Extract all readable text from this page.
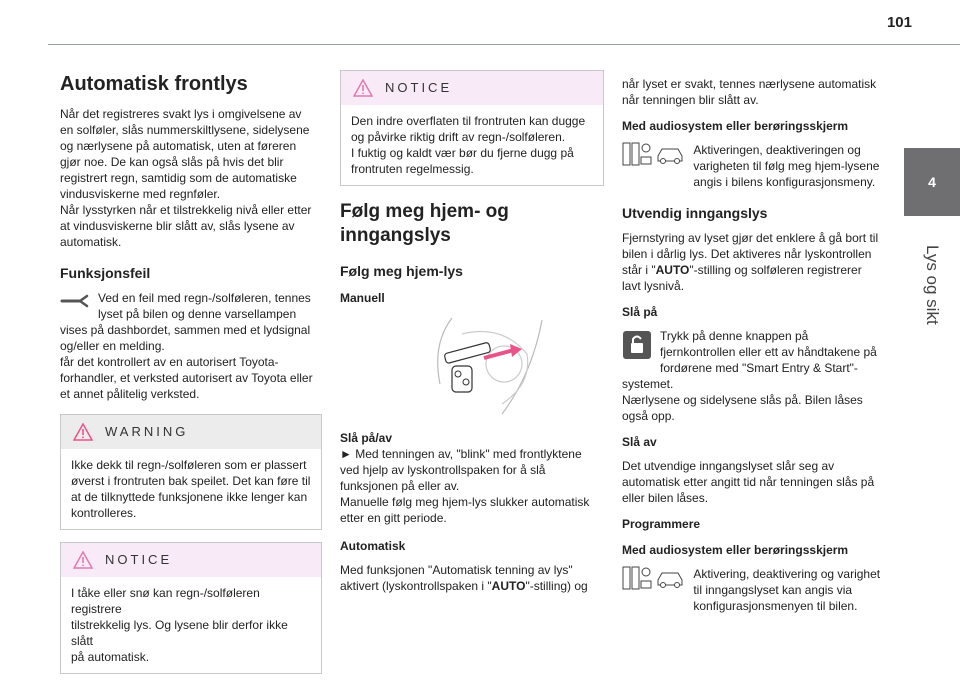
101
4
Lys og sikt
Automatisk frontlys

Når det registreres svakt lys i omgivelsene av
en solføler, slås nummerskiltlysene, sidelysene
og nærlysene på automatisk, uten at føreren
gjør noe. De kan også slås på hvis det blir
registrert regn, samtidig som de automatiske
vindusviskerne med regnføler.
Når lysstyrken når et tilstrekkelig nivå eller etter
at vindusviskerne blir slått av, slås lysene av
automatisk.

Funksjonsfeil

Ved en feil med regn-/solføleren, tennes
lyset på bilen og denne varsellampen
vises på dashbordet, sammen med et lydsignal
og/eller en melding.
får det kontrollert av en autorisert Toyota-
forhandler, et verksted autorisert av Toyota eller
et annet pålitelig verksted.

WARNING

Ikke dekk til regn-/solføleren som er plassert
øverst i frontruten bak speilet. Det kan føre til
at de tilknyttede funksjonene ikke lenger kan
kontrolleres.

NOTICE

I tåke eller snø kan regn-/solføleren registrere
tilstrekkelig lys. Og lysene blir derfor ikke slått
på automatisk.

NOTICE

Den indre overflaten til frontruten kan dugge
og påvirke riktig drift av regn-/solføleren.
I fuktig og kaldt vær bør du fjerne dugg på
frontruten regelmessig.

Følg meg hjem- og
inngangslys
Følg meg hjem-lys
Manuell
Slå på/av

► Med tenningen av, "blink" med frontlyktene
ved hjelp av lyskontrollspaken for å slå
funksjonen på eller av.
Manuelle følg meg hjem-lys slukker automatisk
etter en gitt periode.

Automatisk

Med funksjonen "Automatisk tenning av lys"
aktivert (lyskontrollspaken i "AUTO"-stilling) og

når lyset er svakt, tennes nærlysene automatisk
når tenningen blir slått av.

Med audiosystem eller berøringsskjerm

Aktiveringen, deaktiveringen og
varigheten til følg meg hjem-lysene
angis i bilens konfigurasjonsmeny.

Utvendig inngangslys

Fjernstyring av lyset gjør det enklere å gå bort til
bilen i dårlig lys. Det aktiveres når lyskontrollen
står i "AUTO"-stilling og solføleren registrerer
lavt lysnivå.

Slå på

Trykk på denne knappen på
fjernkontrollen eller ett av håndtakene på
fordørene med "Smart Entry & Start"-systemet.
Nærlysene og sidelysene slås på. Bilen låses
også opp.

Slå av

Det utvendige inngangslyset slår seg av
automatisk etter angitt tid når tenningen slås på
eller bilen låses.

Programmere
Med audiosystem eller berøringsskjerm

Aktivering, deaktivering og varighet
til inngangslyset kan angis via
konfigurasjonsmenyen til bilen.
